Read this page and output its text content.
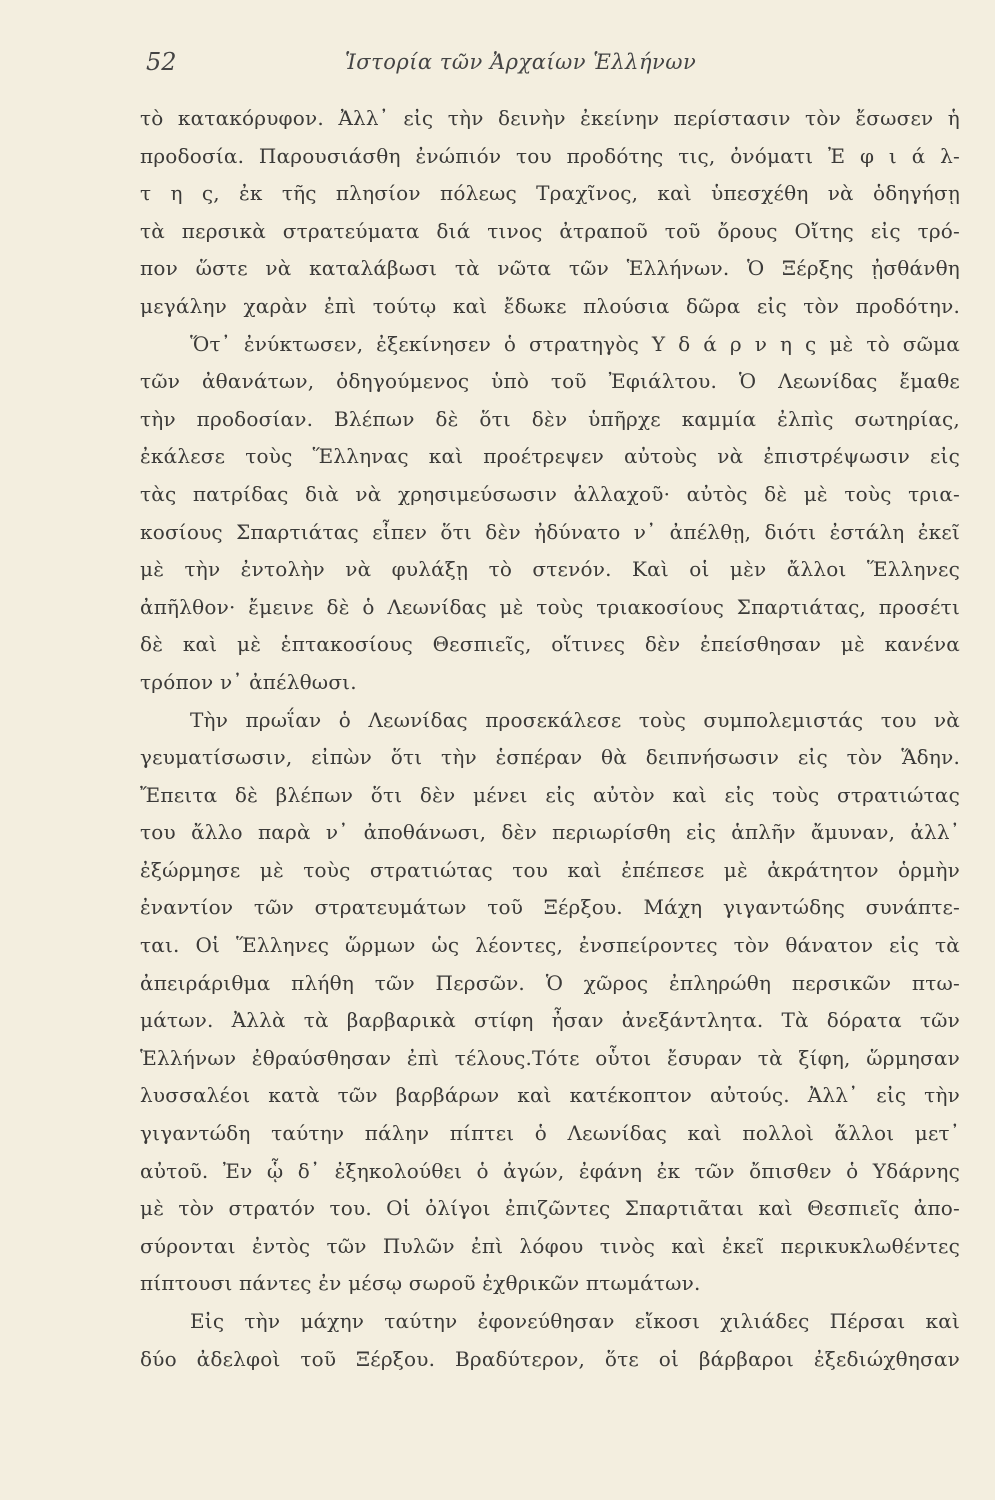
52	Ἱστορία τῶν Ἀρχαίων Ἑλλήνων
τὸ κατακόρυφον. Ἀλλ᾽ εἰς τὴν δεινὴν ἐκείνην περίστασιν τὸν ἔσωσεν ἡ
προδοσία. Παρουσιάσθη ἐνώπιόν του προδότης τις, ὀνόματι Ἐ φ ι ά λ-
τ η ς, ἐκ τῆς πλησίον πόλεως Τραχῖνος, καὶ ὑπεσχέθη νὰ ὁδηγήσῃ
τὰ περσικὰ στρατεύματα διά τινος ἀτραποῦ τοῦ ὄρους Οἴτης εἰς τρό-
πον ὥστε νὰ καταλάβωσι τὰ νῶτα τῶν Ἑλλήνων. Ὁ Ξέρξης ᾐσθάνθη
μεγάλην χαρὰν ἐπὶ τούτῳ καὶ ἔδωκε πλούσια δῶρα εἰς τὸν προδότην.
Ὅτ᾽ ἐνύκτωσεν, ἐξεκίνησεν ὁ στρατηγὸς Υ δ ά ρ ν η ς μὲ τὸ σῶμα
τῶν ἀθανάτων, ὁδηγούμενος ὑπὸ τοῦ Ἐφιάλτου. Ὁ Λεωνίδας ἔμαθε
τὴν προδοσίαν. Βλέπων δὲ ὅτι δὲν ὑπῆρχε καμμία ἐλπὶς σωτηρίας,
ἐκάλεσε τοὺς Ἕλληνας καὶ προέτρεψεν αὐτοὺς νὰ ἐπιστρέψωσιν εἰς
τὰς πατρίδας διὰ νὰ χρησιμεύσωσιν ἀλλαχοῦ· αὐτὸς δὲ μὲ τοὺς τρια-
κοσίους Σπαρτιάτας εἶπεν ὅτι δὲν ἠδύνατο ν᾽ ἀπέλθῃ, διότι ἐστάλη ἐκεῖ
μὲ τὴν ἐντολὴν νὰ φυλάξῃ τὸ στενόν. Καὶ οἱ μὲν ἄλλοι Ἕλληνες
ἀπῆλθον· ἔμεινε δὲ ὁ Λεωνίδας μὲ τοὺς τριακοσίους Σπαρτιάτας, προσέτι
δὲ καὶ μὲ ἑπτακοσίους Θεσπιεῖς, οἵτινες δὲν ἐπείσθησαν μὲ κανένα
τρόπον ν᾽ ἀπέλθωσι.
Τὴν πρωΐαν ὁ Λεωνίδας προσεκάλεσε τοὺς συμπολεμιστάς του νὰ
γευματίσωσιν, εἰπὼν ὅτι τὴν ἑσπέραν θὰ δειπνήσωσιν εἰς τὸν Ἅδην.
Ἔπειτα δὲ βλέπων ὅτι δὲν μένει εἰς αὐτὸν καὶ εἰς τοὺς στρατιώτας
του ἄλλο παρὰ ν᾽ ἀποθάνωσι, δὲν περιωρίσθη εἰς ἁπλῆν ἄμυναν, ἀλλ᾽
ἐξώρμησε μὲ τοὺς στρατιώτας του καὶ ἐπέπεσε μὲ ἀκράτητον ὁρμὴν
ἐναντίον τῶν στρατευμάτων τοῦ Ξέρξου. Μάχη γιγαντώδης συνάπτε-
ται. Οἱ Ἕλληνες ὥρμων ὡς λέοντες, ἐνσπείροντες τὸν θάνατον εἰς τὰ
ἀπειράριθμα πλήθη τῶν Περσῶν. Ὁ χῶρος ἐπληρώθη περσικῶν πτω-
μάτων. Ἀλλὰ τὰ βαρβαρικὰ στίφη ἦσαν ἀνεξάντλητα. Τὰ δόρατα τῶν
Ἑλλήνων ἐθραύσθησαν ἐπὶ τέλους.Τότε οὗτοι ἔσυραν τὰ ξίφη, ὥρμησαν
λυσσαλέοι κατὰ τῶν βαρβάρων καὶ κατέκοπτον αὐτούς. Ἀλλ᾽ εἰς τὴν
γιγαντώδη ταύτην πάλην πίπτει ὁ Λεωνίδας καὶ πολλοὶ ἄλλοι μετ᾽
αὐτοῦ. Ἐν ᾧ δ᾽ ἐξηκολούθει ὁ ἀγών, ἐφάνη ἐκ τῶν ὄπισθεν ὁ Υδάρνης
μὲ τὸν στρατόν του. Οἱ ὀλίγοι ἐπιζῶντες Σπαρτιᾶται καὶ Θεσπιεῖς ἀπο-
σύρονται ἐντὸς τῶν Πυλῶν ἐπὶ λόφου τινὸς καὶ ἐκεῖ περικυκλωθέντες
πίπτουσι πάντες ἐν μέσῳ σωροῦ ἐχθρικῶν πτωμάτων.
Εἰς τὴν μάχην ταύτην ἐφονεύθησαν εἴκοσι χιλιάδες Πέρσαι καὶ
δύο ἀδελφοὶ τοῦ Ξέρξου. Βραδύτερον, ὅτε οἱ βάρβαροι ἐξεδιώχθησαν
